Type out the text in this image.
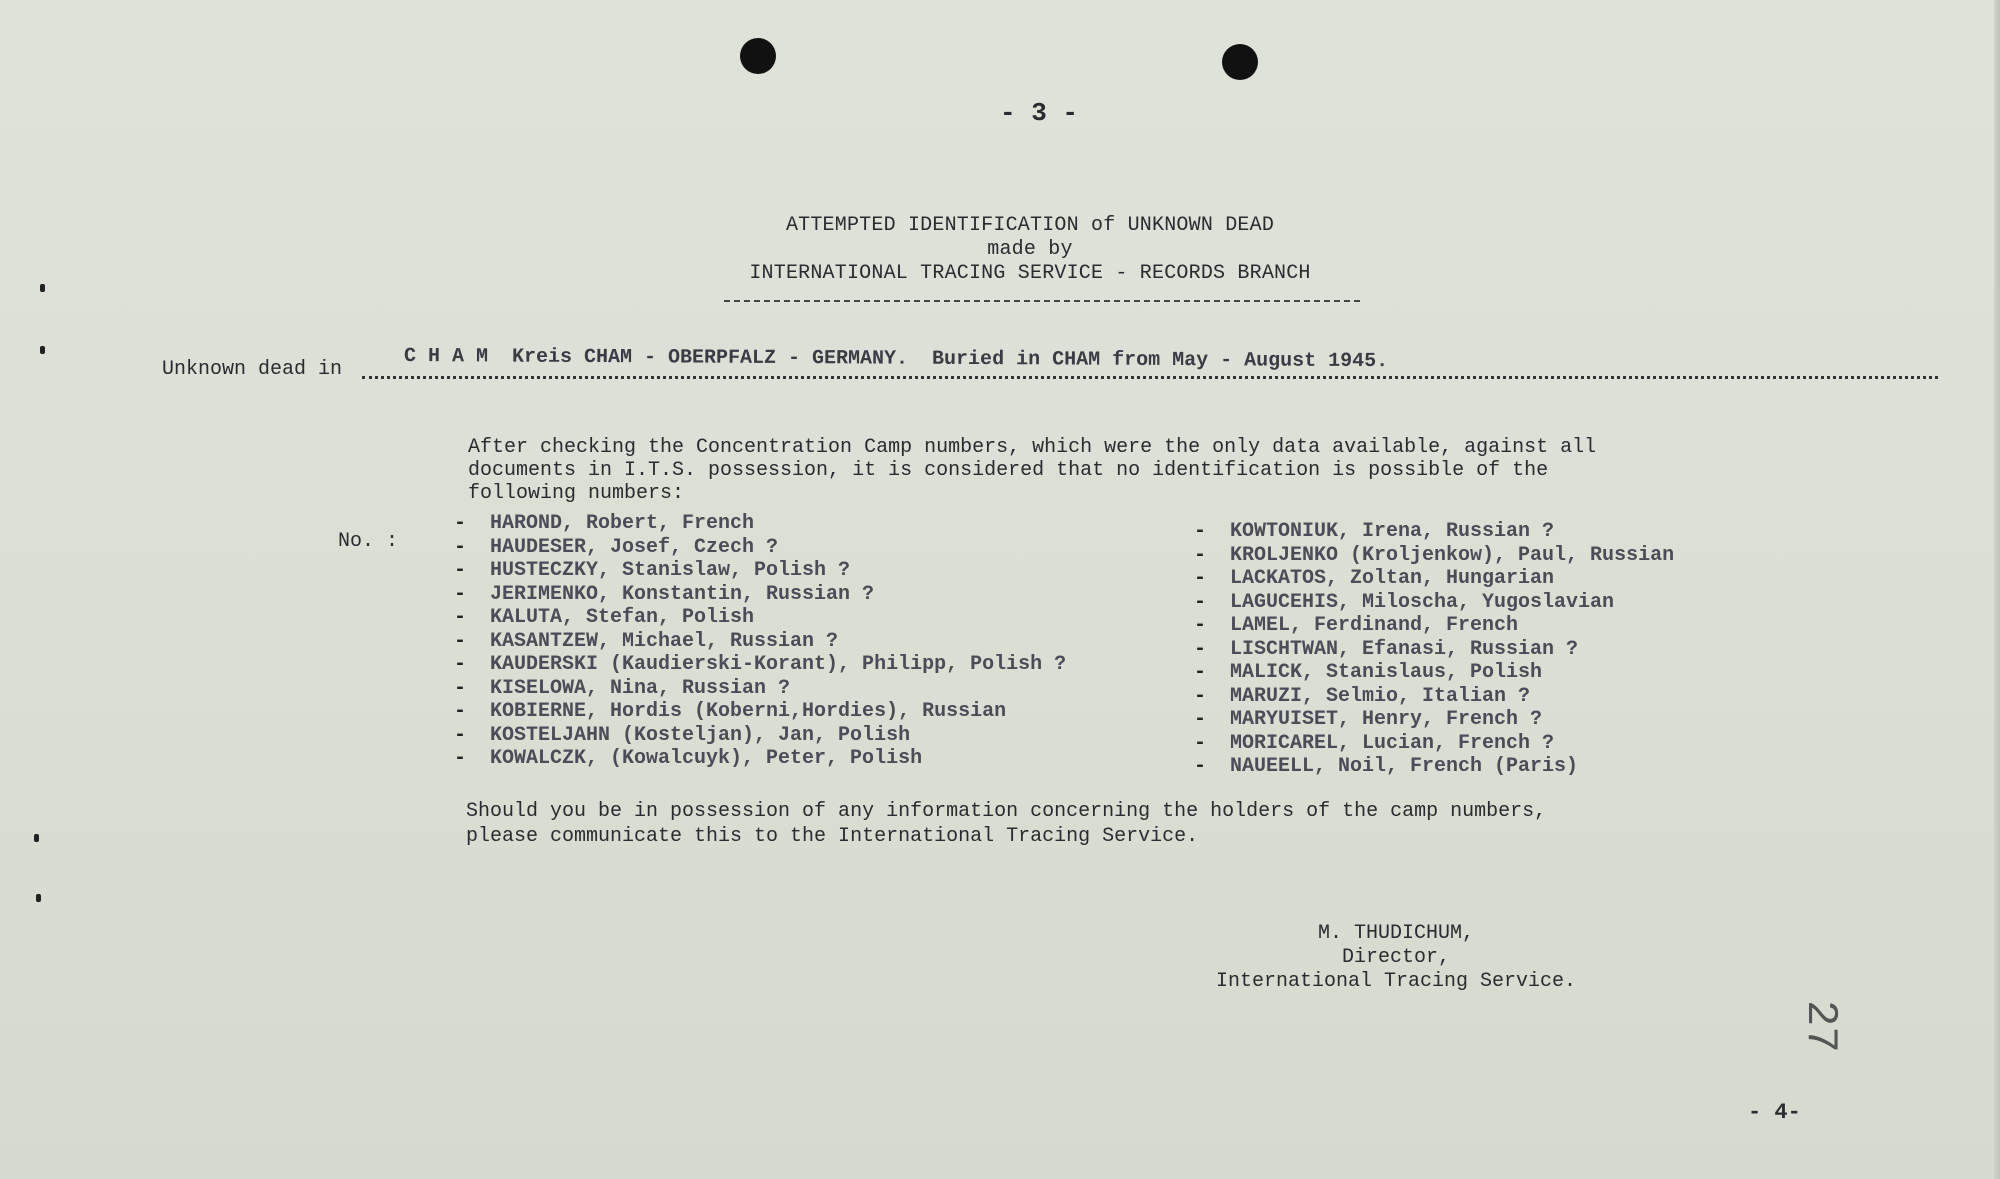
- 3 -
ATTEMPTED IDENTIFICATION of UNKNOWN DEAD
made by
INTERNATIONAL TRACING SERVICE - RECORDS BRANCH
Unknown dead in	C H A M  Kreis CHAM - OBERPFALZ - GERMANY.  Buried in CHAM from May - August 1945.
After checking the Concentration Camp numbers, which were the only data available, against all
documents in I.T.S. possession, it is considered that no identification is possible of the
following numbers:
No. :
- HAROND, Robert, French
- HAUDESER, Josef, Czech ?
- HUSTECZKY, Stanislaw, Polish ?
- JERIMENKO, Konstantin, Russian ?
- KALUTA, Stefan, Polish
- KASANTZEW, Michael, Russian ?
- KAUDERSKI (Kaudierski-Korant), Philipp, Polish ?
- KISELOWA, Nina, Russian ?
- KOBIERNE, Hordis (Koberni,Hordies), Russian
- KOSTELJAHN (Kosteljan), Jan, Polish
- KOWALCZK, (Kowalcuyk), Peter, Polish
- KOWTONIUK, Irena, Russian ?
- KROLJENKO (Kroljenkow), Paul, Russian
- LACKATOS, Zoltan, Hungarian
- LAGUCEHIS, Miloscha, Yugoslavian
- LAMEL, Ferdinand, French
- LISCHTWAN, Efanasi, Russian ?
- MALICK, Stanislaus, Polish
- MARUZI, Selmio, Italian ?
- MARYUISET, Henry, French ?
- MORICAREL, Lucian, French ?
- NAUEELL, Noil, French (Paris)
Should you be in possession of any information concerning the holders of the camp numbers,
please communicate this to the International Tracing Service.
M. THUDICHUM,
Director,
International Tracing Service.
27
- 4-
